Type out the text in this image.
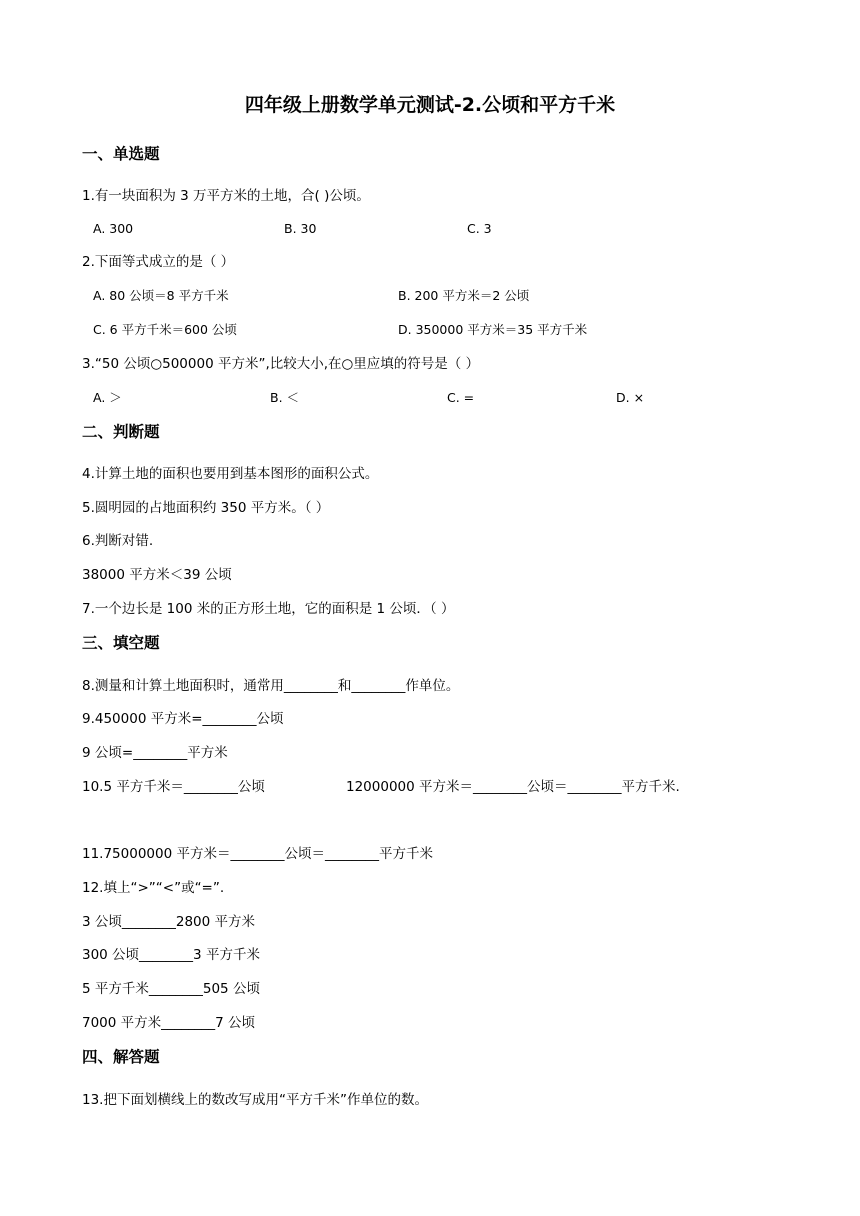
四年级上册数学单元测试-2.公顷和平方千米
一、单选题
1.有一块面积为 3 万平方米的土地，合( )公顷。
A. 300	B. 30	C. 3
2.下面等式成立的是（ ）
A. 80 公顷＝8 平方千米	B. 200 平方米＝2 公顷
C. 6 平方千米＝600 公顷	D. 350000 平方米＝35 平方千米
3.“50 公顷○500000 平方米”,比较大小,在○里应填的符号是（ ）
A. ＞	B. ＜	C. =	D. ×
二、判断题
4.计算土地的面积也要用到基本图形的面积公式。
5.圆明园的占地面积约 350 平方米。（ ）
6.判断对错.
38000 平方米＜39 公顷
7.一个边长是 100 米的正方形土地，它的面积是 1 公顷．（ ）
三、填空题
8.测量和计算土地面积时，通常用________和________作单位。
9.450000 平方米=________公顷
9 公顷=________平方米
10.5 平方千米＝________公顷	12000000 平方米＝________公顷＝________平方千米.
11.75000000 平方米＝________公顷＝________平方千米
12.填上“>”“<”或“=”.
3 公顷________2800 平方米
300 公顷________3 平方千米
5 平方千米________505 公顷
7000 平方米________7 公顷
四、解答题
13.把下面划横线上的数改写成用“平方千米”作单位的数。
